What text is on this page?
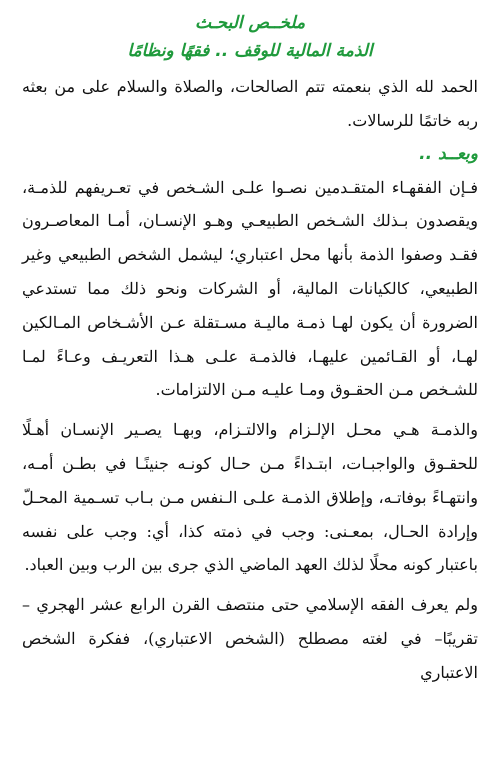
ملخــص البحـث
الذمة المالية للوقف .. فقهًا ونظامًا

الحمد لله الذي بنعمته تتم الصالحات، والصلاة والسلام على من بعثه ربه خاتمًا للرسالات.

وبعــد ..

فـإن الفقهـاء المتقـدمين نصـوا علـى الشـخص في تعـريفهم للذمـة، ويقصدون بـذلك الشـخص الطبيعـي وهـو الإنسـان، أمـا المعاصـرون فقـد وصفوا الذمة بأنها محل اعتباري؛ ليشمل الشخص الطبيعي وغير الطبيعي، كالكيانات المالية، أو الشركات ونحو ذلك مما تستدعي الضرورة أن يكون لهـا ذمـة ماليـة مسـتقلة عـن الأشـخاص المـالكين لهـا، أو القـائمين عليهـا، فالذمـة علـى هـذا التعريـف وعـاءً لمـا للشـخص مـن الحقـوق ومـا عليـه مـن الالتزامات.

والذمـة هـي محـل الإلـزام والالتـزام، وبهـا يصـير الإنسـان أهـلًا للحقـوق والواجبـات، ابتـداءً مـن حـال كونـه جنينًـا في بطـن أمـه، وانتهـاءً بوفاتـه، وإطلاق الذمـة علـى الـنفس مـن بـاب تسـمية المحـلّ وإرادة الحـال، بمعـنى: وجب في ذمته كذا، أي: وجب على نفسه باعتبار كونه محلًا لذلك العهد الماضي الذي جرى بين الرب وبين العباد.

ولم يعرف الفقه الإسلامي حتى منتصف القرن الرابع عشر الهجري – تقريبًا– في لغته مصطلح (الشخص الاعتباري)، ففكرة الشخص الاعتباري
